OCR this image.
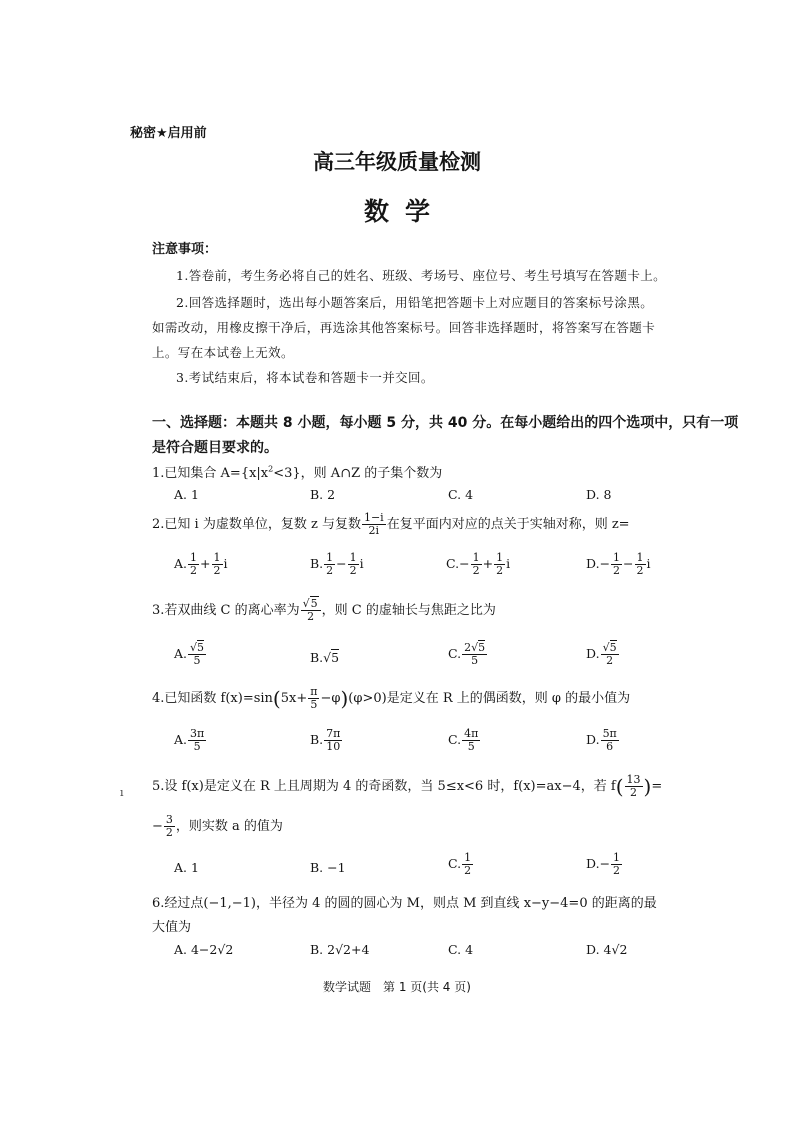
秘密★启用前
高三年级质量检测
数学
注意事项：
1.答卷前，考生务必将自己的姓名、班级、考场号、座位号、考生号填写在答题卡上。
2.回答选择题时，选出每小题答案后，用铅笔把答题卡上对应题目的答案标号涂黑。
如需改动，用橡皮擦干净后，再选涂其他答案标号。回答非选择题时，将答案写在答题卡
上。写在本试卷上无效。
3.考试结束后，将本试卷和答题卡一并交回。
一、选择题：本题共 8 小题，每小题 5 分，共 40 分。在每小题给出的四个选项中，只有一项
是符合题目要求的。
1.已知集合 $A=\{x|x^2<3\}$，则 A∩Z 的子集个数为
A. 1	B. 2	C. 4	D. 8
2.已知 i 为虚数单位，复数 z 与复数 $\frac{1-i}{2i}$ 在复平面内对应的点关于实轴对称，则 z=
A. $\frac{1}{2} + \frac{1}{2}$ i	B. $\frac{1}{2} - \frac{1}{2}$ i	$C.- \frac{1}{2} + \frac{1}{2}$ i	$D.- \frac{1}{2} - \frac{1}{2}$ i
3.若双曲线 C 的离心率为 $\frac{√5}{2}$ ，则 C 的虚轴长与焦距之比为
A. $\frac{√5}{5}$	B.√5	C. $\frac{2√5}{5}$	D. $\frac{√5}{2}$
4.已知函数 $f(x)=\sin(5x+ \frac{\pi}{5} -\varphi)(\varphi>0)$是定义在 R 上的偶函数，则 φ 的最小值为
A. $\frac{3\pi}{5}$	B. $\frac{7\pi}{10}$	C. $\frac{4\pi}{5}$	D. $\frac{5\pi}{6}$
ı 5.设 f(x)是定义在 R 上且周期为 4 的奇函数，当 5≤x<6 时，f(x)=ax−4，若 $f( \frac{13}{2}$ )=
− $\frac{3}{2}$ ，则实数 a 的值为
A. 1	B. −1	C. $\frac{1}{2}$	$D.- \frac{1}{2}$
6.经过点(−1,−1)，半径为 4 的圆的圆心为 M，则点 M 到直线 x−y−4=0 的距离的最
大值为
A. 4−2√2	B. 2√2+4	C. 4	D. 4√2
数学试题　第 1 页(共 4 页)
